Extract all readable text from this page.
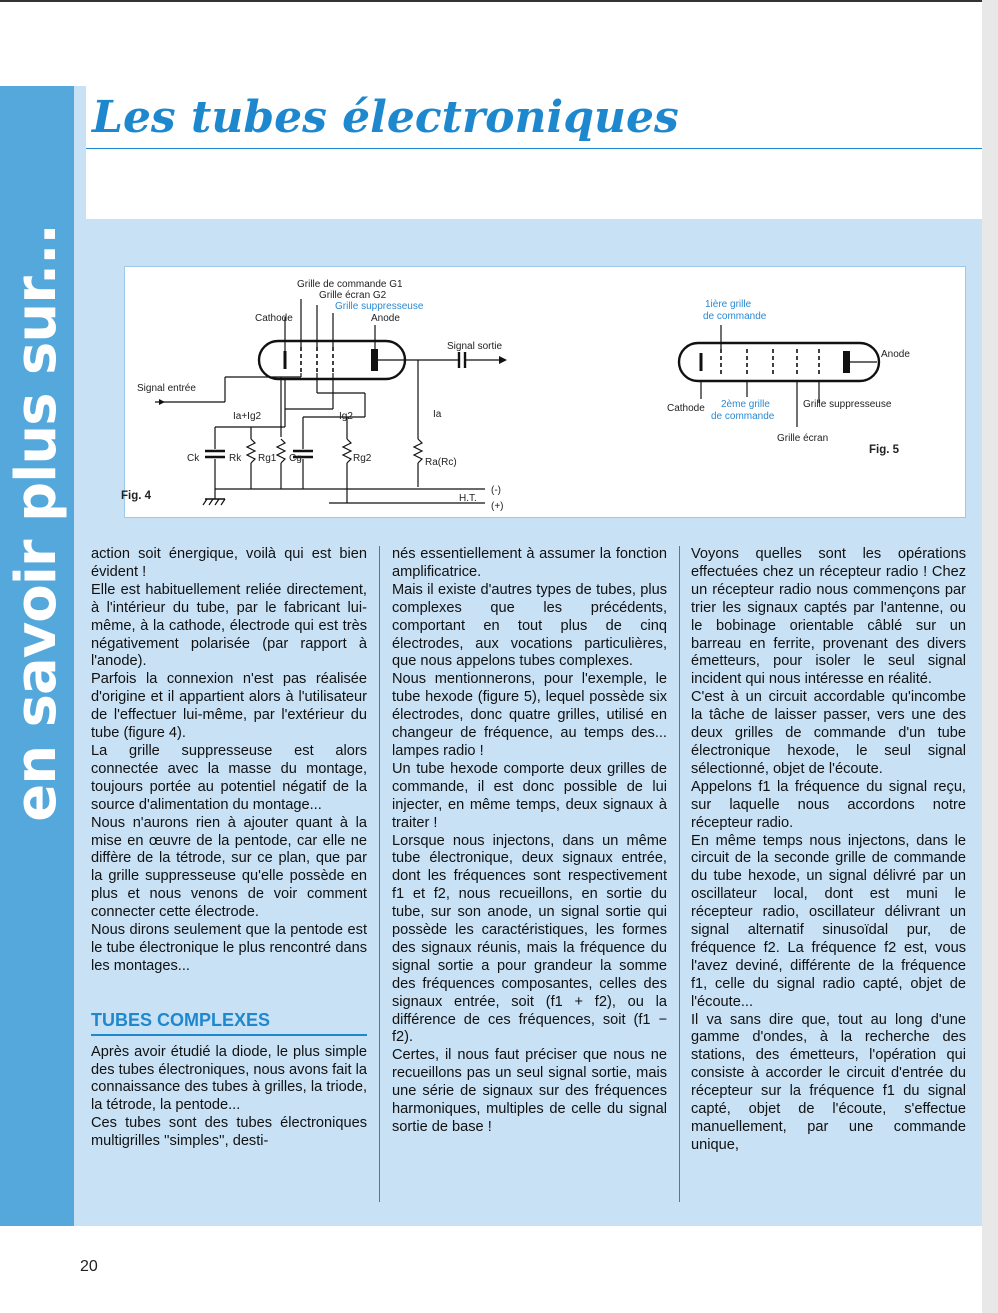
en savoir plus sur...
Les tubes électroniques
Grille de commande G1
Grille écran G2
Grille suppresseuse
Cathode	Anode
Signal entrée
Signal sortie
Ia+Ig2	Ig2	Ia
Ck	Rk Rg1 Cg	Rg2	Ra(Rc)
H.T.
(-)
(+)
Fig. 4
1ière grille
de commande
Anode
Cathode 2ème grille
de commande
Grille suppresseuse
Grille écran
Fig. 5

action soit énergique, voilà qui est bien évident !

Elle est habituellement reliée directement, à l'intérieur du tube, par le fabricant lui-même, à la cathode, électrode qui est très négativement polarisée (par rapport à l'anode).

Parfois la connexion n'est pas réalisée d'origine et il appartient alors à l'utilisateur de l'effectuer lui-même, par l'extérieur du tube (figure 4).

La grille suppresseuse est alors connectée avec la masse du montage, toujours portée au potentiel négatif de la source d'alimentation du montage...

Nous n'aurons rien à ajouter quant à la mise en œuvre de la pentode, car elle ne diffère de la tétrode, sur ce plan, que par la grille suppresseuse qu'elle possède en plus et nous venons de voir comment connecter cette électrode.

Nous dirons seulement que la pentode est le tube électronique le plus rencontré dans les montages...

TUBES COMPLEXES

Après avoir étudié la diode, le plus simple des tubes électroniques, nous avons fait la connaissance des tubes à grilles, la triode, la tétrode, la pentode...

Ces tubes sont des tubes électroniques multigrilles ''simples'', desti-

nés essentiellement à assumer la fonction amplificatrice.

Mais il existe d'autres types de tubes, plus complexes que les précédents, comportant en tout plus de cinq électrodes, aux vocations particulières, que nous appelons tubes complexes.

Nous mentionnerons, pour l'exemple, le tube hexode (figure 5), lequel possède six électrodes, donc quatre grilles, utilisé en changeur de fréquence, au temps des... lampes radio !

Un tube hexode comporte deux grilles de commande, il est donc possible de lui injecter, en même temps, deux signaux à traiter !

Lorsque nous injectons, dans un même tube électronique, deux signaux entrée, dont les fréquences sont respectivement f1 et f2, nous recueillons, en sortie du tube, sur son anode, un signal sortie qui possède les caractéristiques, les formes des signaux réunis, mais la fréquence du signal sortie a pour grandeur la somme des fréquences composantes, celles des signaux entrée, soit (f1 + f2), ou la différence de ces fréquences, soit (f1 − f2).

Certes, il nous faut préciser que nous ne recueillons pas un seul signal sortie, mais une série de signaux sur des fréquences harmoniques, multiples de celle du signal sortie de base !

Voyons quelles sont les opérations effectuées chez un récepteur radio ! Chez un récepteur radio nous commençons par trier les signaux captés par l'antenne, ou le bobinage orientable câblé sur un barreau en ferrite, provenant des divers émetteurs, pour isoler le seul signal incident qui nous intéresse en réalité.

C'est à un circuit accordable qu'incombe la tâche de laisser passer, vers une des deux grilles de commande d'un tube électronique hexode, le seul signal sélectionné, objet de l'écoute.

Appelons f1 la fréquence du signal reçu, sur laquelle nous accordons notre récepteur radio.

En même temps nous injectons, dans le circuit de la seconde grille de commande du tube hexode, un signal délivré par un oscillateur local, dont est muni le récepteur radio, oscillateur délivrant un signal alternatif sinusoïdal pur, de fréquence f2. La fréquence f2 est, vous l'avez deviné, différente de la fréquence f1, celle du signal radio capté, objet de l'écoute...

Il va sans dire que, tout au long d'une gamme d'ondes, à la recherche des stations, des émetteurs, l'opération qui consiste à accorder le circuit d'entrée du récepteur sur la fréquence f1 du signal capté, objet de l'écoute, s'effectue manuellement, par une commande unique,

20
